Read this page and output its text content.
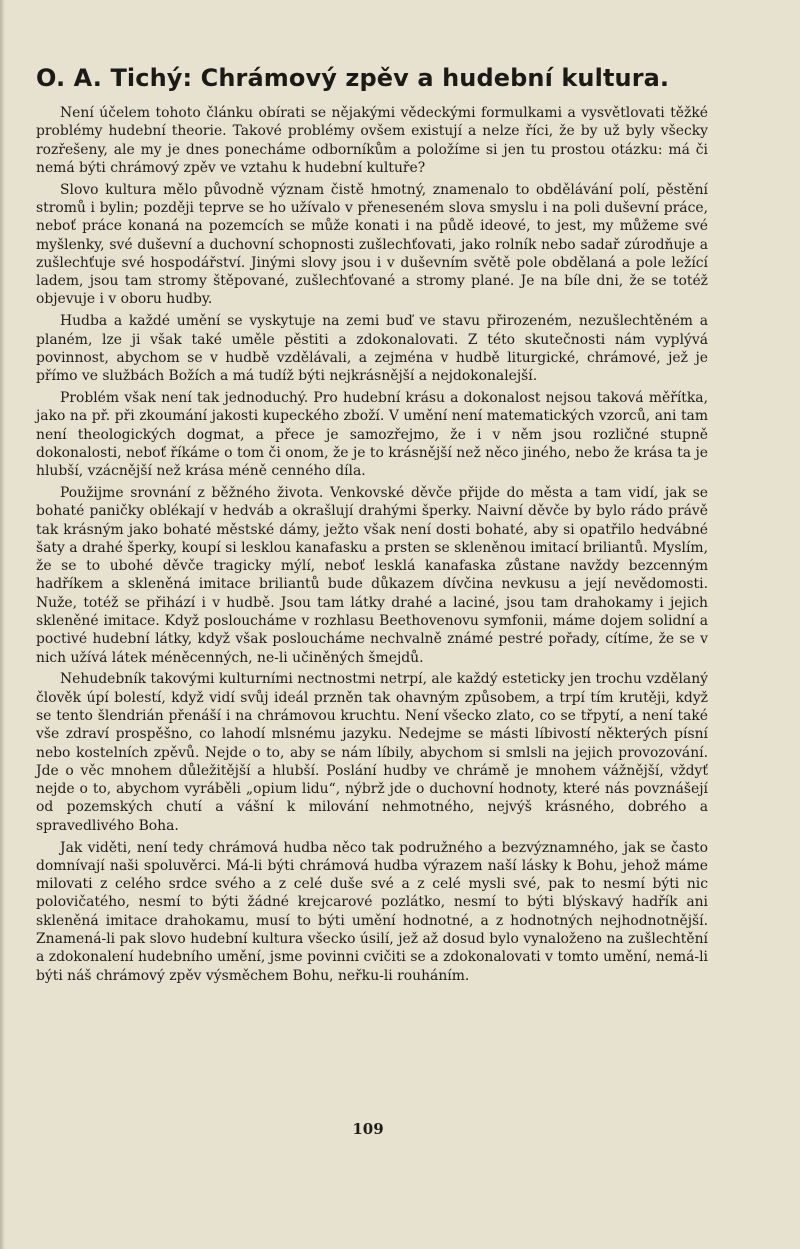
O. A. Tichý: Chrámový zpěv a hudební kultura.

Není účelem tohoto článku obírati se nějakými vědeckými formulkami a vysvětlovati těžké problémy hudební theorie. Takové problémy ovšem existují a nelze říci, že by už byly všecky rozřešeny, ale my je dnes ponecháme odborníkům a položíme si jen tu prostou otázku: má či nemá býti chrámový zpěv ve vztahu k hudební kultuře?

Slovo kultura mělo původně význam čistě hmotný, znamenalo to obdělávání polí, pěstění stromů i bylin; později teprve se ho užívalo v přeneseném slova smyslu i na poli duševní práce, neboť práce konaná na pozemcích se může konati i na půdě ideové, to jest, my můžeme své myšlenky, své duševní a duchovní schopnosti zušlechťovati, jako rolník nebo sadař zúrodňuje a zušlechťuje své hospodářství. Jinými slovy jsou i v duševním světě pole obdělaná a pole ležící ladem, jsou tam stromy štěpované, zušlechťované a stromy plané. Je na bíle dni, že se totéž objevuje i v oboru hudby.

Hudba a každé umění se vyskytuje na zemi buď ve stavu přirozeném, nezušlechtěném a planém, lze ji však také uměle pěstiti a zdokonalovati. Z této skutečnosti nám vyplývá povinnost, abychom se v hudbě vzdělávali, a zejména v hudbě liturgické, chrámové, jež je přímo ve službách Božích a má tudíž býti nejkrásnější a nejdokonalejší.

Problém však není tak jednoduchý. Pro hudební krásu a dokonalost nejsou taková měřítka, jako na př. při zkoumání jakosti kupeckého zboží. V umění není matematických vzorců, ani tam není theologických dogmat, a přece je samozřejmo, že i v něm jsou rozličné stupně dokonalosti, neboť říkáme o tom či onom, že je to krásnější než něco jiného, nebo že krása ta je hlubší, vzácnější než krása méně cenného díla.

Použijme srovnání z běžného života. Venkovské děvče přijde do města a tam vidí, jak se bohaté paničky oblékají v hedváb a okrašlují drahými šperky. Naivní děvče by bylo rádo právě tak krásným jako bohaté městské dámy, ježto však není dosti bohaté, aby si opatřilo hedvábné šaty a drahé šperky, koupí si lesklou kanafasku a prsten se skleněnou imitací briliantů. Myslím, že se to ubohé děvče tragicky mýlí, neboť lesklá kanafaska zůstane navždy bezcenným hadříkem a skleněná imitace briliantů bude důkazem dívčina nevkusu a její nevědomosti. Nuže, totéž se přihází i v hudbě. Jsou tam látky drahé a laciné, jsou tam drahokamy i jejich skleněné imitace. Když posloucháme v rozhlasu Beethovenovu symfonii, máme dojem solidní a poctivé hudební látky, když však posloucháme nechvalně známé pestré pořady, cítíme, že se v nich užívá látek méněcenných, ne-li učiněných šmejdů.

Nehudebník takovými kulturními nectnostmi netrpí, ale každý esteticky jen trochu vzdělaný člověk úpí bolestí, když vidí svůj ideál przněn tak ohavným způsobem, a trpí tím krutěji, když se tento šlendrián přenáší i na chrámovou kruchtu. Není všecko zlato, co se třpytí, a není také vše zdraví prospěšno, co lahodí mlsnému jazyku. Nedejme se másti líbivostí některých písní nebo kostelních zpěvů. Nejde o to, aby se nám líbily, abychom si smlsli na jejich provozování. Jde o věc mnohem důležitější a hlubší. Poslání hudby ve chrámě je mnohem vážnější, vždyť nejde o to, abychom vyráběli „opium lidu“, nýbrž jde o duchovní hodnoty, které nás povznášejí od pozemských chutí a vášní k milování nehmotného, nejvýš krásného, dobrého a spravedlivého Boha.

Jak viděti, není tedy chrámová hudba něco tak podružného a bezvýznamného, jak se často domnívají naši spoluvěrci. Má-li býti chrámová hudba výrazem naší lásky k Bohu, jehož máme milovati z celého srdce svého a z celé duše své a z celé mysli své, pak to nesmí býti nic polovičatého, nesmí to býti žádné krejcarové pozlátko, nesmí to býti blýskavý hadřík ani skleněná imitace drahokamu, musí to býti umění hodnotné, a z hodnotných nejhodnotnější. Znamená-li pak slovo hudební kultura všecko úsilí, jež až dosud bylo vynaloženo na zušlechtění a zdokonalení hudebního umění, jsme povinni cvičiti se a zdokonalovati v tomto umění, nemá-li býti náš chrámový zpěv výsměchem Bohu, neřku-li rouháním.

109
